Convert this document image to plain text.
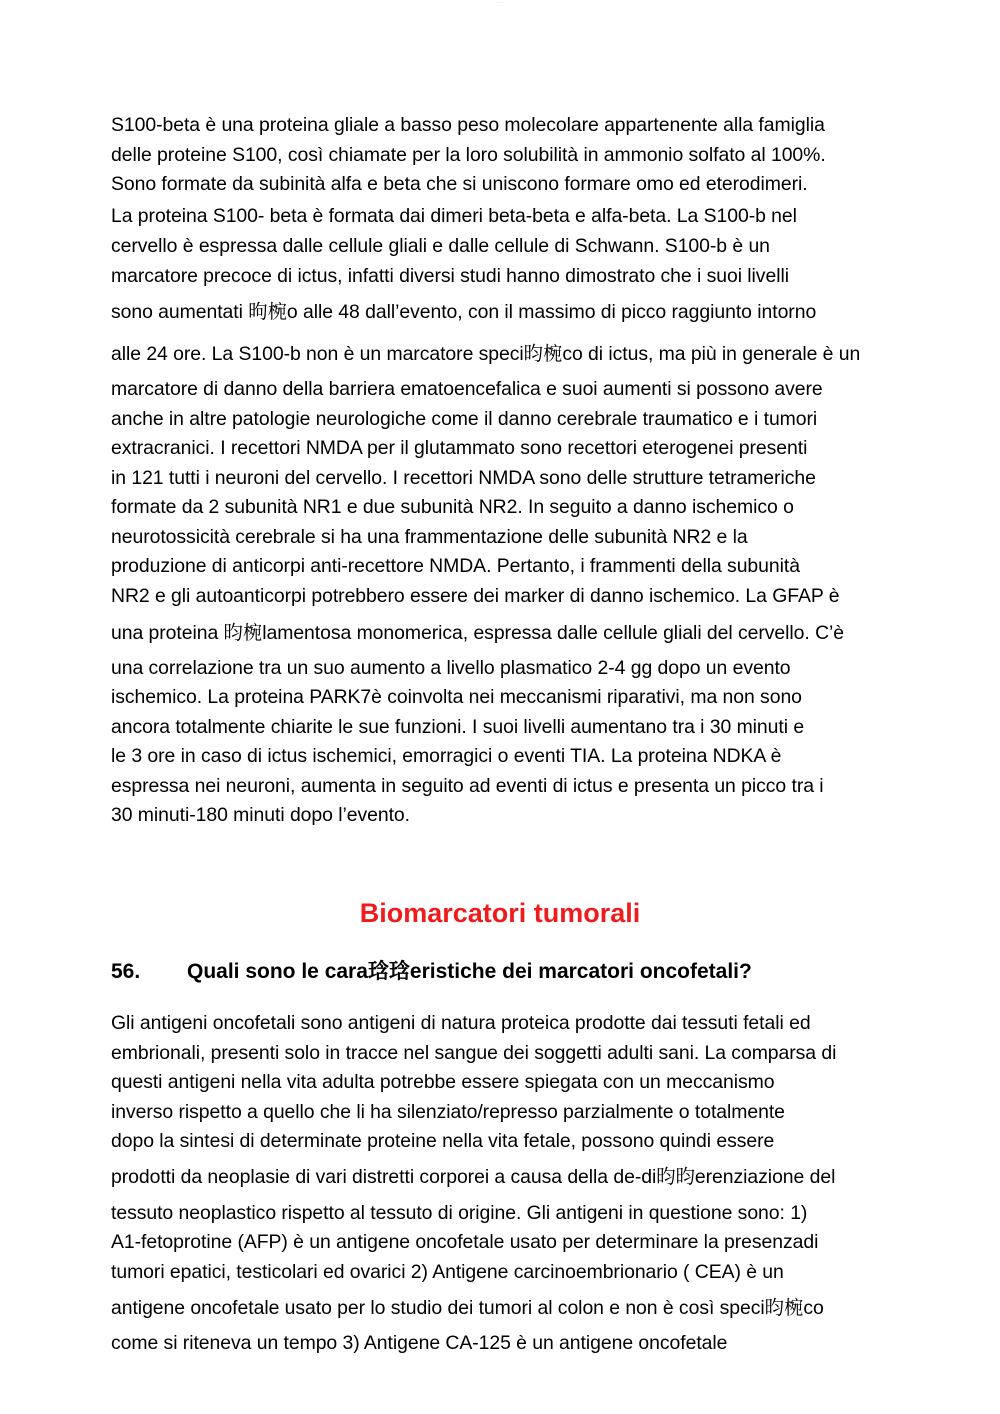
............
S100-beta è una proteina gliale a basso peso molecolare appartenente alla famiglia
delle proteine S100, così chiamate per la loro solubilità in ammonio solfato al 100%.
Sono formate da subinità alfa e beta che si uniscono formare omo ed eterodimeri.
La proteina S100- beta è formata dai dimeri beta-beta e alfa-beta. La S100-b nel
cervello è espressa dalle cellule gliali e dalle cellule di Schwann. S100-b è un
marcatore precoce di ictus, infatti diversi studi hanno dimostrato che i suoi livelli
sono aumentati 昫椀o alle 48 dall’evento, con il massimo di picco raggiunto intorno
alle 24 ore. La S100-b non è un marcatore speci昀椀co di ictus, ma più in generale è un
marcatore di danno della barriera ematoencefalica e suoi aumenti si possono avere
anche in altre patologie neurologiche come il danno cerebrale traumatico e i tumori
extracranici. I recettori NMDA per il glutammato sono recettori eterogenei presenti
in 121 tutti i neuroni del cervello. I recettori NMDA sono delle strutture tetrameriche
formate da 2 subunità NR1 e due subunità NR2. In seguito a danno ischemico o
neurotossicità cerebrale si ha una frammentazione delle subunità NR2 e la
produzione di anticorpi anti-recettore NMDA. Pertanto, i frammenti della subunità
NR2 e gli autoanticorpi potrebbero essere dei marker di danno ischemico. La GFAP è
una proteina 昀椀lamentosa monomerica, espressa dalle cellule gliali del cervello. C’è
una correlazione tra un suo aumento a livello plasmatico 2-4 gg dopo un evento
ischemico. La proteina PARK7è coinvolta nei meccanismi riparativi, ma non sono
ancora totalmente chiarite le sue funzioni. I suoi livelli aumentano tra i 30 minuti e
le 3 ore in caso di ictus ischemici, emorragici o eventi TIA. La proteina NDKA è
espressa nei neuroni, aumenta in seguito ad eventi di ictus e presenta un picco tra i
30 minuti-180 minuti dopo l’evento.
Biomarcatori tumorali
56. Quali sono le cara琀琀eristiche dei marcatori oncofetali?
Gli antigeni oncofetali sono antigeni di natura proteica prodotte dai tessuti fetali ed
embrionali, presenti solo in tracce nel sangue dei soggetti adulti sani. La comparsa di
questi antigeni nella vita adulta potrebbe essere spiegata con un meccanismo
inverso rispetto a quello che li ha silenziato/represso parzialmente o totalmente
dopo la sintesi di determinate proteine nella vita fetale, possono quindi essere
prodotti da neoplasie di vari distretti corporei a causa della de-di昀昀erenziazione del
tessuto neoplastico rispetto al tessuto di origine. Gli antigeni in questione sono: 1)
A1-fetoprotine (AFP) è un antigene oncofetale usato per determinare la presenzadi
tumori epatici, testicolari ed ovarici 2) Antigene carcinoembrionario ( CEA) è un
antigene oncofetale usato per lo studio dei tumori al colon e non è così speci昀椀co
come si riteneva un tempo 3) Antigene CA-125 è un antigene oncofetale
